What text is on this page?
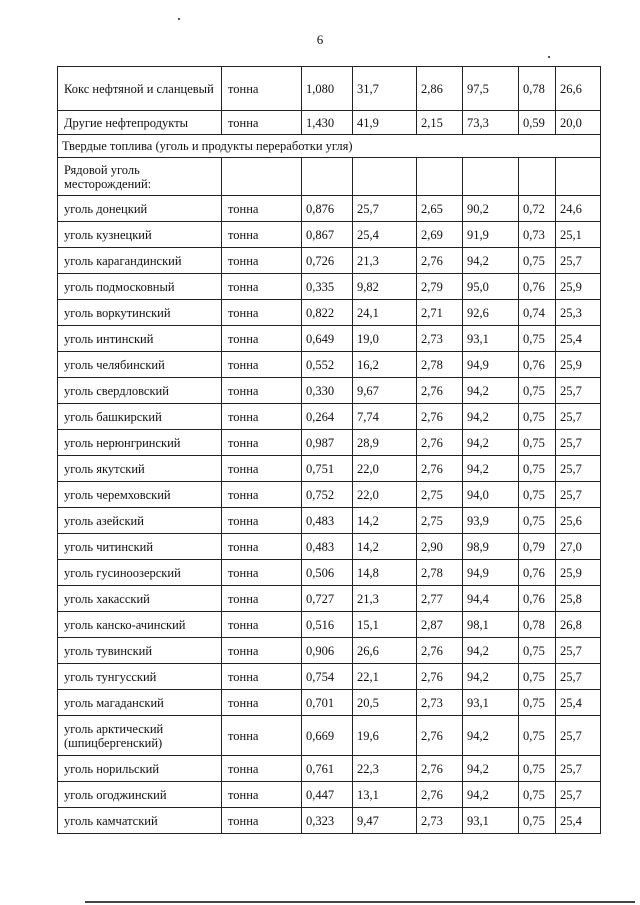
6
Кокс нефтяной и сланцевый	тонна	1,080	31,7	2,86	97,5	0,78	26,6
Другие нефтепродукты	тонна	1,430	41,9	2,15	73,3	0,59	20,0
Твердые топлива (уголь и продукты переработки угля)							
Рядовой уголь месторождений:							
уголь донецкий	тонна	0,876	25,7	2,65	90,2	0,72	24,6
уголь кузнецкий	тонна	0,867	25,4	2,69	91,9	0,73	25,1
уголь карагандинский	тонна	0,726	21,3	2,76	94,2	0,75	25,7
уголь подмосковный	тонна	0,335	9,82	2,79	95,0	0,76	25,9
уголь воркутинский	тонна	0,822	24,1	2,71	92,6	0,74	25,3
уголь интинский	тонна	0,649	19,0	2,73	93,1	0,75	25,4
уголь челябинский	тонна	0,552	16,2	2,78	94,9	0,76	25,9
уголь свердловский	тонна	0,330	9,67	2,76	94,2	0,75	25,7
уголь башкирский	тонна	0,264	7,74	2,76	94,2	0,75	25,7
уголь нерюнгринский	тонна	0,987	28,9	2,76	94,2	0,75	25,7
уголь якутский	тонна	0,751	22,0	2,76	94,2	0,75	25,7
уголь черемховский	тонна	0,752	22,0	2,75	94,0	0,75	25,7
уголь азейский	тонна	0,483	14,2	2,75	93,9	0,75	25,6
уголь читинский	тонна	0,483	14,2	2,90	98,9	0,79	27,0
уголь гусиноозерский	тонна	0,506	14,8	2,78	94,9	0,76	25,9
уголь хакасский	тонна	0,727	21,3	2,77	94,4	0,76	25,8
уголь канско-ачинский	тонна	0,516	15,1	2,87	98,1	0,78	26,8
уголь тувинский	тонна	0,906	26,6	2,76	94,2	0,75	25,7
уголь тунгусский	тонна	0,754	22,1	2,76	94,2	0,75	25,7
уголь магаданский	тонна	0,701	20,5	2,73	93,1	0,75	25,4
уголь арктический (шпицбергенский)	тонна	0,669	19,6	2,76	94,2	0,75	25,7
уголь норильский	тонна	0,761	22,3	2,76	94,2	0,75	25,7
уголь огоджинский	тонна	0,447	13,1	2,76	94,2	0,75	25,7
уголь камчатский	тонна	0,323	9,47	2,73	93,1	0,75	25,4
